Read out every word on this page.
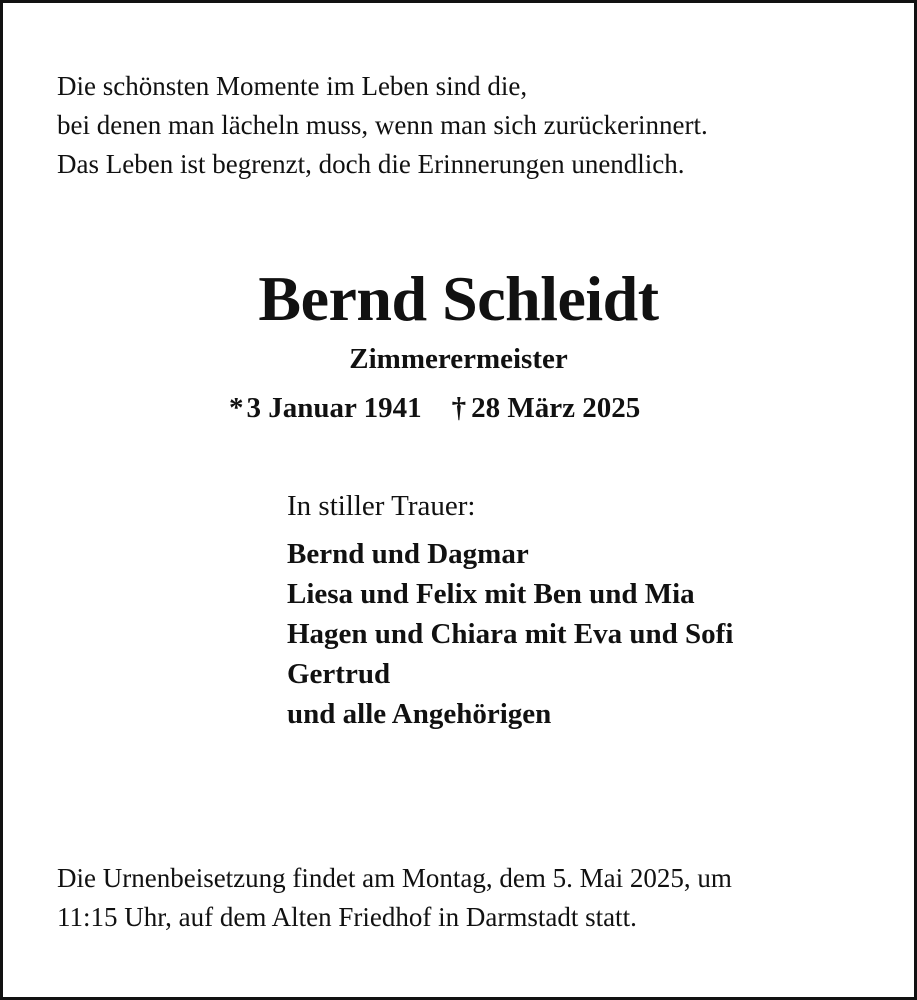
Die schönsten Momente im Leben sind die,
bei denen man lächeln muss, wenn man sich zurückerinnert.
Das Leben ist begrenzt, doch die Erinnerungen unendlich.
Bernd Schleidt
Zimmerermeister
* 3 Januar 1941 † 28 März 2025
In stiller Trauer:
Bernd und Dagmar
Liesa und Felix mit Ben und Mia
Hagen und Chiara mit Eva und Sofi
Gertrud
und alle Angehörigen
Die Urnenbeisetzung findet am Montag, dem 5. Mai 2025, um
11:15 Uhr, auf dem Alten Friedhof in Darmstadt statt.
